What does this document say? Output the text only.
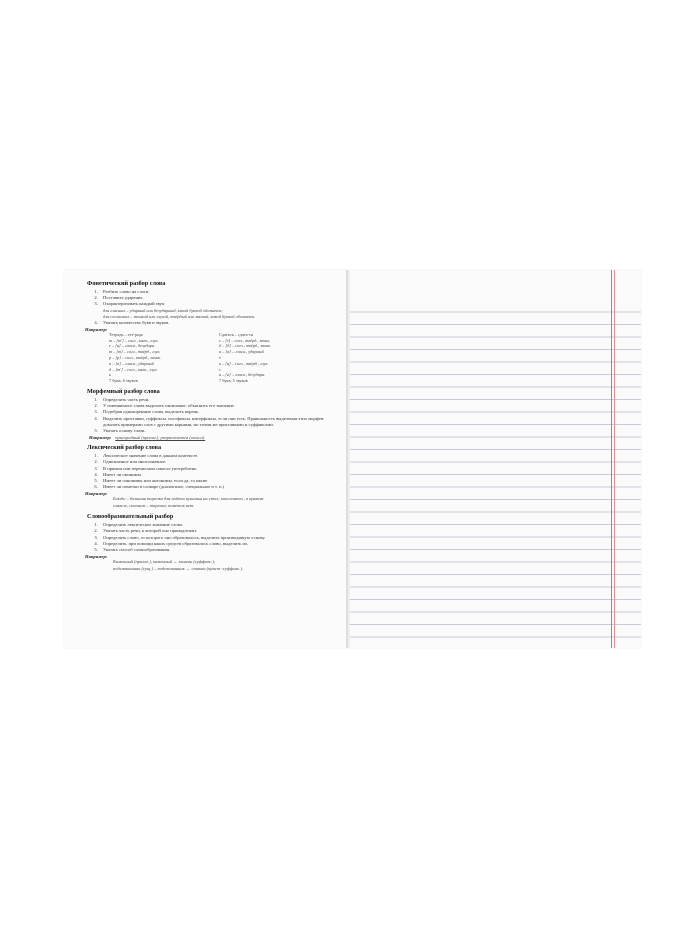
Фонетический разбор слова
1. Разбить слово на слоги.
2. Поставить ударение.
3. Охарактеризовать каждый звук:
для гласных – ударный или безударный, какой буквой обозначен;
для согласных – звонкий или глухой, твёрдый или мягкий, какой буквой обозначен.
4. Указать количество букв и звуков.
Например:
Тетрадь – тет-радь
т – [т'] – согл., мягк., глух.
е – [и] – гласн., безударн.
т – [т] – согл., твёрд., глух.
р – [р] – согл., твёрд., звонк.
а – [а] – гласн., ударный
д – [т'] – согл., мягк., глух.
ь
7 букв, 6 звуков
Сдаться – сдать-ся
с – [з] – согл., твёрд., звонк.
д – [д] – согл., твёрд., звонк.
а – [а] – гласн., ударный
т
ь – [ц] – согл., твёрд., глух.
с
я – [а] – гласн., безударн.
7 букв, 5 звуков
Морфемный разбор слова
1. Определить часть речи.
2. У изменяемого слова выделить окончание, объяснить его значение.
3. Подобрав однокоренные слова, выделить корень.
4. Выделить приставки, суффиксы, постфиксы, интерфиксы, если они есть. Правильность выделения этих морфем доказать примерами слов с другими корнями, но этими же приставками и суффиксами.
5. Указать основу слова.
Например: пригородный (прилаг.), разрастается (глагол).
Лексический разбор слова
1. Лексическое значение слова в данном контексте.
2. Однозначное или многозначное.
3. В прямом или переносном смысле употреблено.
4. Имеет ли омонимы.
5. Имеет ли синонимы или антонимы, если да, то какие.
6. Имеет ли пометки в словаре (диалектное, специальное и т. п.)
Например:
Блюдо – большая тарелка для подачи кушанья на стол; многозначн., в прямом
смысле, синоним – тарелка, пометок нет.
Словообразовательный разбор
1. Определить лексическое значение слова.
2. Указать часть речи, к которой оно принадлежит.
3. Определить слово, от которого оно образовалось, выделить производящую основу.
4. Определить, при помощи каких средств образовалось слово, выделить их.
5. Указать способ словообразования.
Например:
Каменный (прилаг.), каменный ← камень (суффикс.);
подстаканник (сущ.) – подстаканник ← стакан (прист.-суффикс.).
